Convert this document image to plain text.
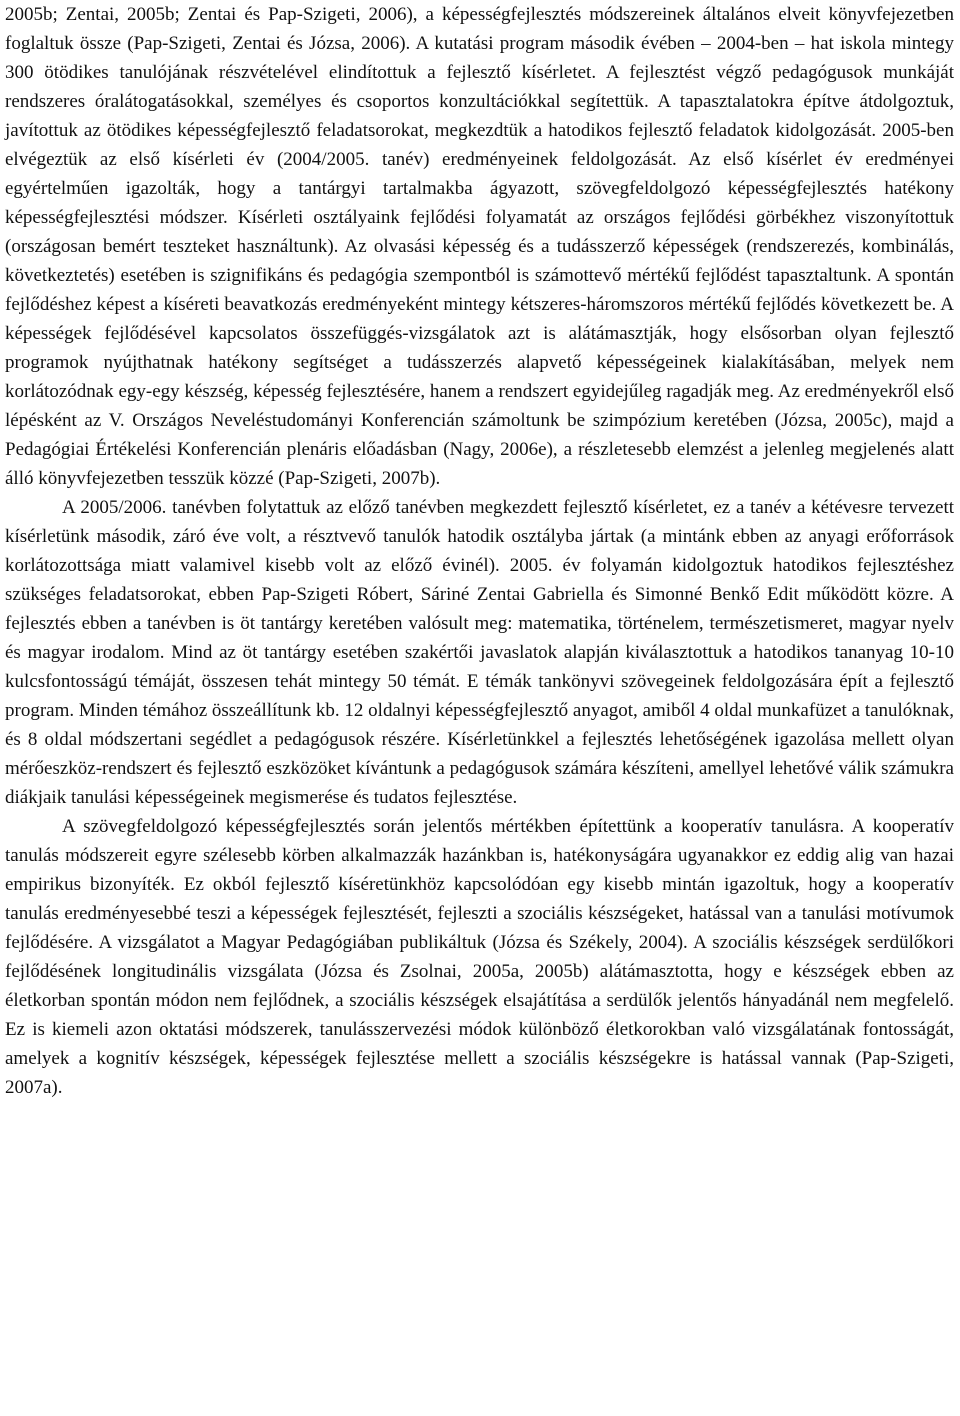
2005b; Zentai, 2005b; Zentai és Pap-Szigeti, 2006), a képességfejlesztés módszereinek általános elveit könyvfejezetben foglaltuk össze (Pap-Szigeti, Zentai és Józsa, 2006). A kutatási program második évében – 2004-ben – hat iskola mintegy 300 ötödikes tanulójának részvételével elindítottuk a fejlesztő kísérletet. A fejlesztést végző pedagógusok munkáját rendszeres óralátogatásokkal, személyes és csoportos konzultációkkal segítettük. A tapasztalatokra építve átdolgoztuk, javítottuk az ötödikes képességfejlesztő feladatsorokat, megkezdtük a hatodikos fejlesztő feladatok kidolgozását. 2005-ben elvégeztük az első kísérleti év (2004/2005. tanév) eredményeinek feldolgozását. Az első kísérlet év eredményei egyértelműen igazolták, hogy a tantárgyi tartalmakba ágyazott, szövegfeldolgozó képességfejlesztés hatékony képességfejlesztési módszer. Kísérleti osztályaink fejlődési folyamatát az országos fejlődési görbékhez viszonyítottuk (országosan bemért teszteket használtunk). Az olvasási képesség és a tudásszerző képességek (rendszerezés, kombinálás, következtetés) esetében is szignifikáns és pedagógia szempontból is számottevő mértékű fejlődést tapasztaltunk. A spontán fejlődéshez képest a kíséreti beavatkozás eredményeként mintegy kétszeres-háromszoros mértékű fejlődés következett be. A képességek fejlődésével kapcsolatos összefüggés-vizsgálatok azt is alátámasztják, hogy elsősorban olyan fejlesztő programok nyújthatnak hatékony segítséget a tudásszerzés alapvető képességeinek kialakításában, melyek nem korlátozódnak egy-egy készség, képesség fejlesztésére, hanem a rendszert egyidejűleg ragadják meg. Az eredményekről első lépésként az V. Országos Neveléstudományi Konferencián számoltunk be szimpózium keretében (Józsa, 2005c), majd a Pedagógiai Értékelési Konferencián plenáris előadásban (Nagy, 2006e), a részletesebb elemzést a jelenleg megjelenés alatt álló könyvfejezetben tesszük közzé (Pap-Szigeti, 2007b).

A 2005/2006. tanévben folytattuk az előző tanévben megkezdett fejlesztő kísérletet, ez a tanév a kétévesre tervezett kísérletünk második, záró éve volt, a résztvevő tanulók hatodik osztályba jártak (a mintánk ebben az anyagi erőforrások korlátozottsága miatt valamivel kisebb volt az előző évinél). 2005. év folyamán kidolgoztuk hatodikos fejlesztéshez szükséges feladatsorokat, ebben Pap-Szigeti Róbert, Sáriné Zentai Gabriella és Simonné Benkő Edit működött közre. A fejlesztés ebben a tanévben is öt tantárgy keretében valósult meg: matematika, történelem, természetismeret, magyar nyelv és magyar irodalom. Mind az öt tantárgy esetében szakértői javaslatok alapján kiválasztottuk a hatodikos tananyag 10-10 kulcsfontosságú témáját, összesen tehát mintegy 50 témát. E témák tankönyvi szövegeinek feldolgozására épít a fejlesztő program. Minden témához összeállítunk kb. 12 oldalnyi képességfejlesztő anyagot, amiből 4 oldal munkafüzet a tanulóknak, és 8 oldal módszertani segédlet a pedagógusok részére. Kísérletünkkel a fejlesztés lehetőségének igazolása mellett olyan mérőeszköz-rendszert és fejlesztő eszközöket kívántunk a pedagógusok számára készíteni, amellyel lehetővé válik számukra diákjaik tanulási képességeinek megismerése és tudatos fejlesztése.

A szövegfeldolgozó képességfejlesztés során jelentős mértékben építettünk a kooperatív tanulásra. A kooperatív tanulás módszereit egyre szélesebb körben alkalmazzák hazánkban is, hatékonyságára ugyanakkor ez eddig alig van hazai empirikus bizonyíték. Ez okból fejlesztő kíséretünkhöz kapcsolódóan egy kisebb mintán igazoltuk, hogy a kooperatív tanulás eredményesebbé teszi a képességek fejlesztését, fejleszti a szociális készségeket, hatással van a tanulási motívumok fejlődésére. A vizsgálatot a Magyar Pedagógiában publikáltuk (Józsa és Székely, 2004). A szociális készségek serdülőkori fejlődésének longitudinális vizsgálata (Józsa és Zsolnai, 2005a, 2005b) alátámasztotta, hogy e készségek ebben az életkorban spontán módon nem fejlődnek, a szociális készségek elsajátítása a serdülők jelentős hányadánál nem megfelelő. Ez is kiemeli azon oktatási módszerek, tanulásszervezési módok különböző életkorokban való vizsgálatának fontosságát, amelyek a kognitív készségek, képességek fejlesztése mellett a szociális készségekre is hatással vannak (Pap-Szigeti, 2007a).
